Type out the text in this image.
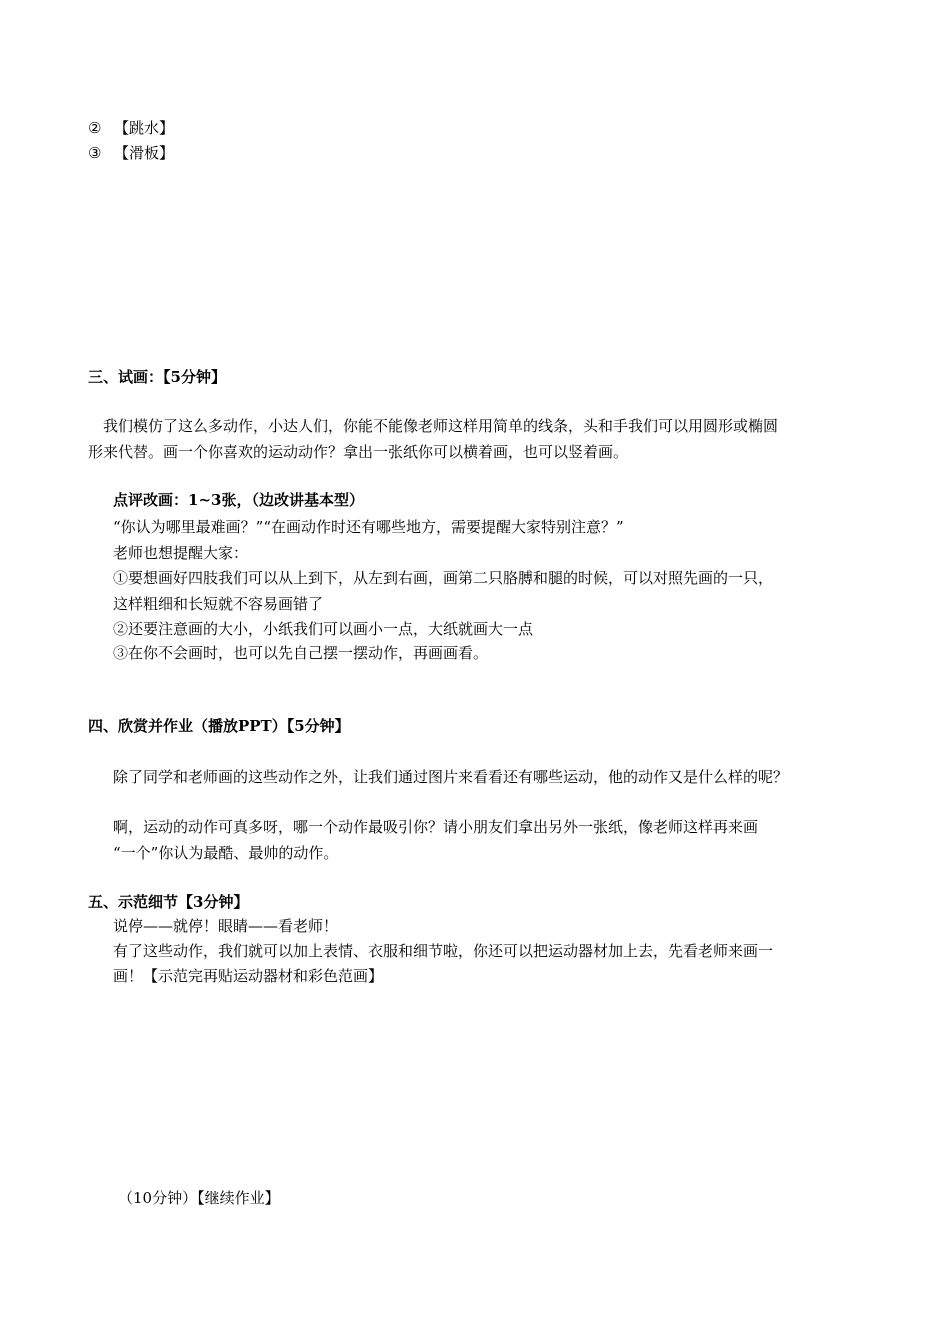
② 【跳水】
③ 【滑板】
三、试画：【5分钟】
我们模仿了这么多动作，小达人们，你能不能像老师这样用简单的线条，头和手我们可以用圆形或椭圆
形来代替。画一个你喜欢的运动动作？拿出一张纸你可以横着画，也可以竖着画。
点评改画：1~3张，（边改讲基本型）
“你认为哪里最难画？”“在画动作时还有哪些地方，需要提醒大家特别注意？”
老师也想提醒大家：
①要想画好四肢我们可以从上到下，从左到右画，画第二只胳膊和腿的时候，可以对照先画的一只，
这样粗细和长短就不容易画错了
②还要注意画的大小，小纸我们可以画小一点，大纸就画大一点
③在你不会画时，也可以先自己摆一摆动作，再画画看。
四、欣赏并作业（播放PPT）【5分钟】
除了同学和老师画的这些动作之外，让我们通过图片来看看还有哪些运动，他的动作又是什么样的呢？
啊，运动的动作可真多呀，哪一个动作最吸引你？请小朋友们拿出另外一张纸，像老师这样再来画
“一个”你认为最酷、最帅的动作。
五、示范细节【3分钟】
说停——就停！眼睛——看老师！
有了这些动作，我们就可以加上表情、衣服和细节啦，你还可以把运动器材加上去，先看老师来画一
画！【示范完再贴运动器材和彩色范画】
（10分钟）【继续作业】
